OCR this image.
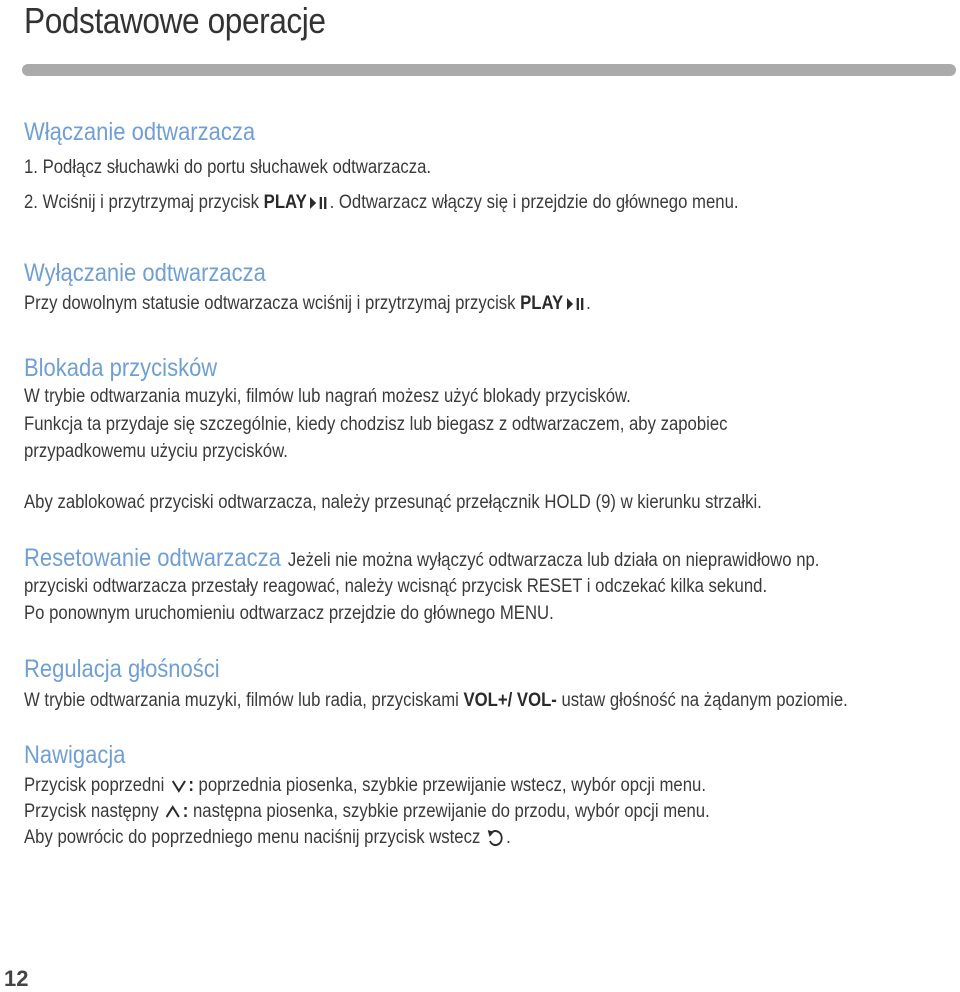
Podstawowe operacje
Włączanie odtwarzacza
1. Podłącz słuchawki do portu słuchawek odtwarzacza.
2. Wciśnij i przytrzymaj przycisk PLAY . Odtwarzacz włączy się i przejdzie do głównego menu.
Wyłączanie odtwarzacza
Przy dowolnym statusie odtwarzacza wciśnij i przytrzymaj przycisk PLAY .
Blokada przycisków
W trybie odtwarzania muzyki, filmów lub nagrań możesz użyć blokady przycisków.
Funkcja ta przydaje się szczególnie, kiedy chodzisz lub biegasz z odtwarzaczem, aby zapobiec
przypadkowemu użyciu przycisków.
Aby zablokować przyciski odtwarzacza, należy przesunąć przełącznik HOLD (9) w kierunku strzałki.
Resetowanie odtwarzacza Jeżeli nie można wyłączyć odtwarzacza lub działa on nieprawidłowo np.
przyciski odtwarzacza przestały reagować, należy wcisnąć przycisk RESET i odczekać kilka sekund.
Po ponownym uruchomieniu odtwarzacz przejdzie do głównego MENU.
Regulacja głośności
W trybie odtwarzania muzyki, filmów lub radia, przyciskami VOL+/ VOL- ustaw głośność na żądanym poziomie.
Nawigacja
Przycisk poprzedni
: poprzednia piosenka, szybkie przewijanie wstecz, wybór opcji menu.
Przycisk następny
: następna piosenka, szybkie przewijanie do przodu, wybór opcji menu.
Aby powrócic do poprzedniego menu naciśnij przycisk wstecz
.
12
